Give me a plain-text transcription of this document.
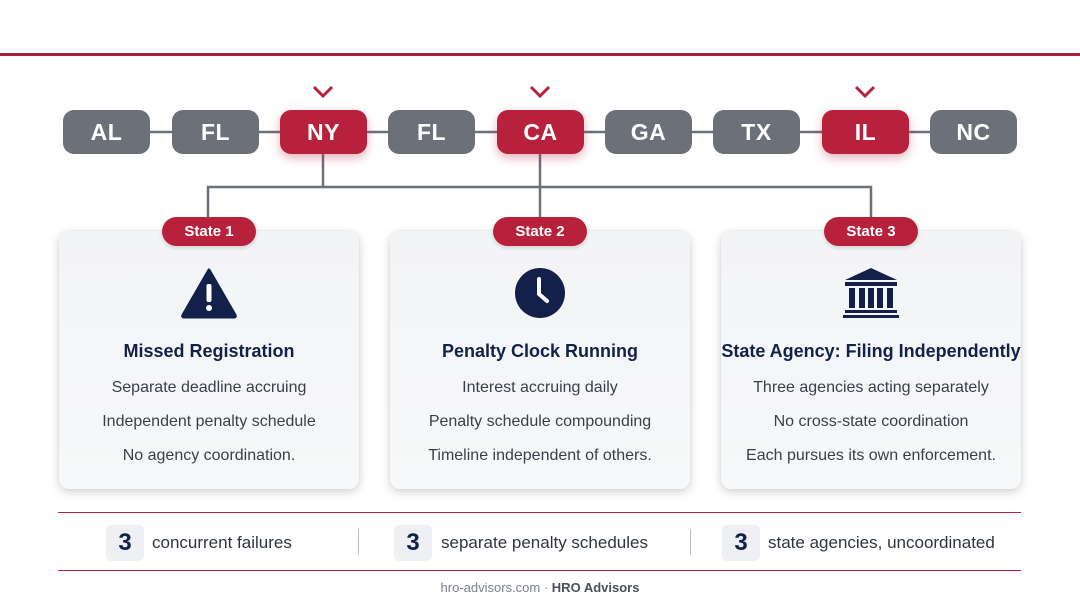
AL	FL	NY	FL	CA	GA	TX	IL	NC
State 1	State 2	State 3
Missed Registration
Separate deadline accruing
Independent penalty schedule
No agency coordination.
Penalty Clock Running
Interest accruing daily
Penalty schedule compounding
Timeline independent of others.
State Agency: Filing Independently
Three agencies acting separately
No cross-state coordination
Each pursues its own enforcement.
3	concurrent failures	3	separate penalty schedules	3	state agencies, uncoordinated
hro-advisors.com · HRO Advisors
